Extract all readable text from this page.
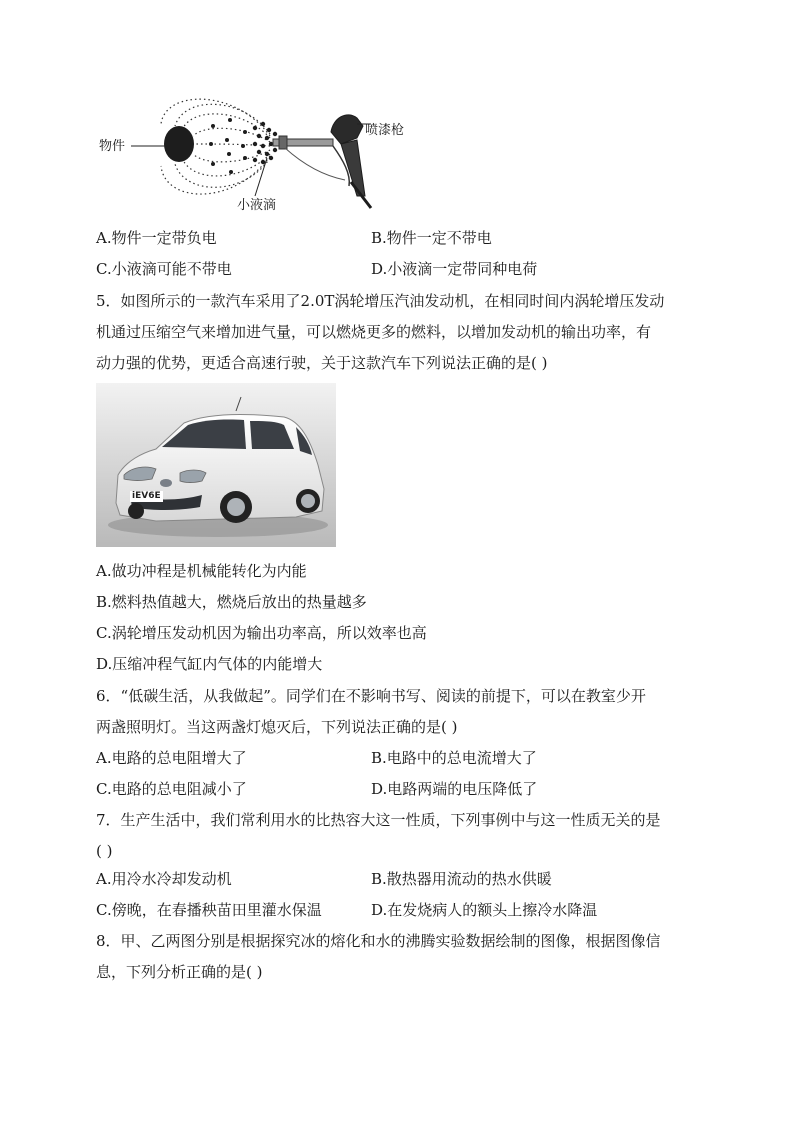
物件
喷漆枪
小液滴
A.物件一定带负电	B.物件一定不带电
C.小液滴可能不带电	D.小液滴一定带同种电荷
5．如图所示的一款汽车采用了2.0T涡轮增压汽油发动机，在相同时间内涡轮增压发动
机通过压缩空气来增加进气量，可以燃烧更多的燃料，以增加发动机的输出功率，有
动力强的优势，更适合高速行驶，关于这款汽车下列说法正确的是( )
iEV6E
A.做功冲程是机械能转化为内能
B.燃料热值越大，燃烧后放出的热量越多
C.涡轮增压发动机因为输出功率高，所以效率也高
D.压缩冲程气缸内气体的内能增大
6．“低碳生活，从我做起”。同学们在不影响书写、阅读的前提下，可以在教室少开
两盏照明灯。当这两盏灯熄灭后，下列说法正确的是( )
A.电路的总电阻增大了	B.电路中的总电流增大了
C.电路的总电阻减小了	D.电路两端的电压降低了
7．生产生活中，我们常利用水的比热容大这一性质，下列事例中与这一性质无关的是
( )
A.用冷水冷却发动机	B.散热器用流动的热水供暖
C.傍晚，在春播秧苗田里灌水保温	D.在发烧病人的额头上擦冷水降温
8．甲、乙两图分别是根据探究冰的熔化和水的沸腾实验数据绘制的图像，根据图像信
息，下列分析正确的是( )
